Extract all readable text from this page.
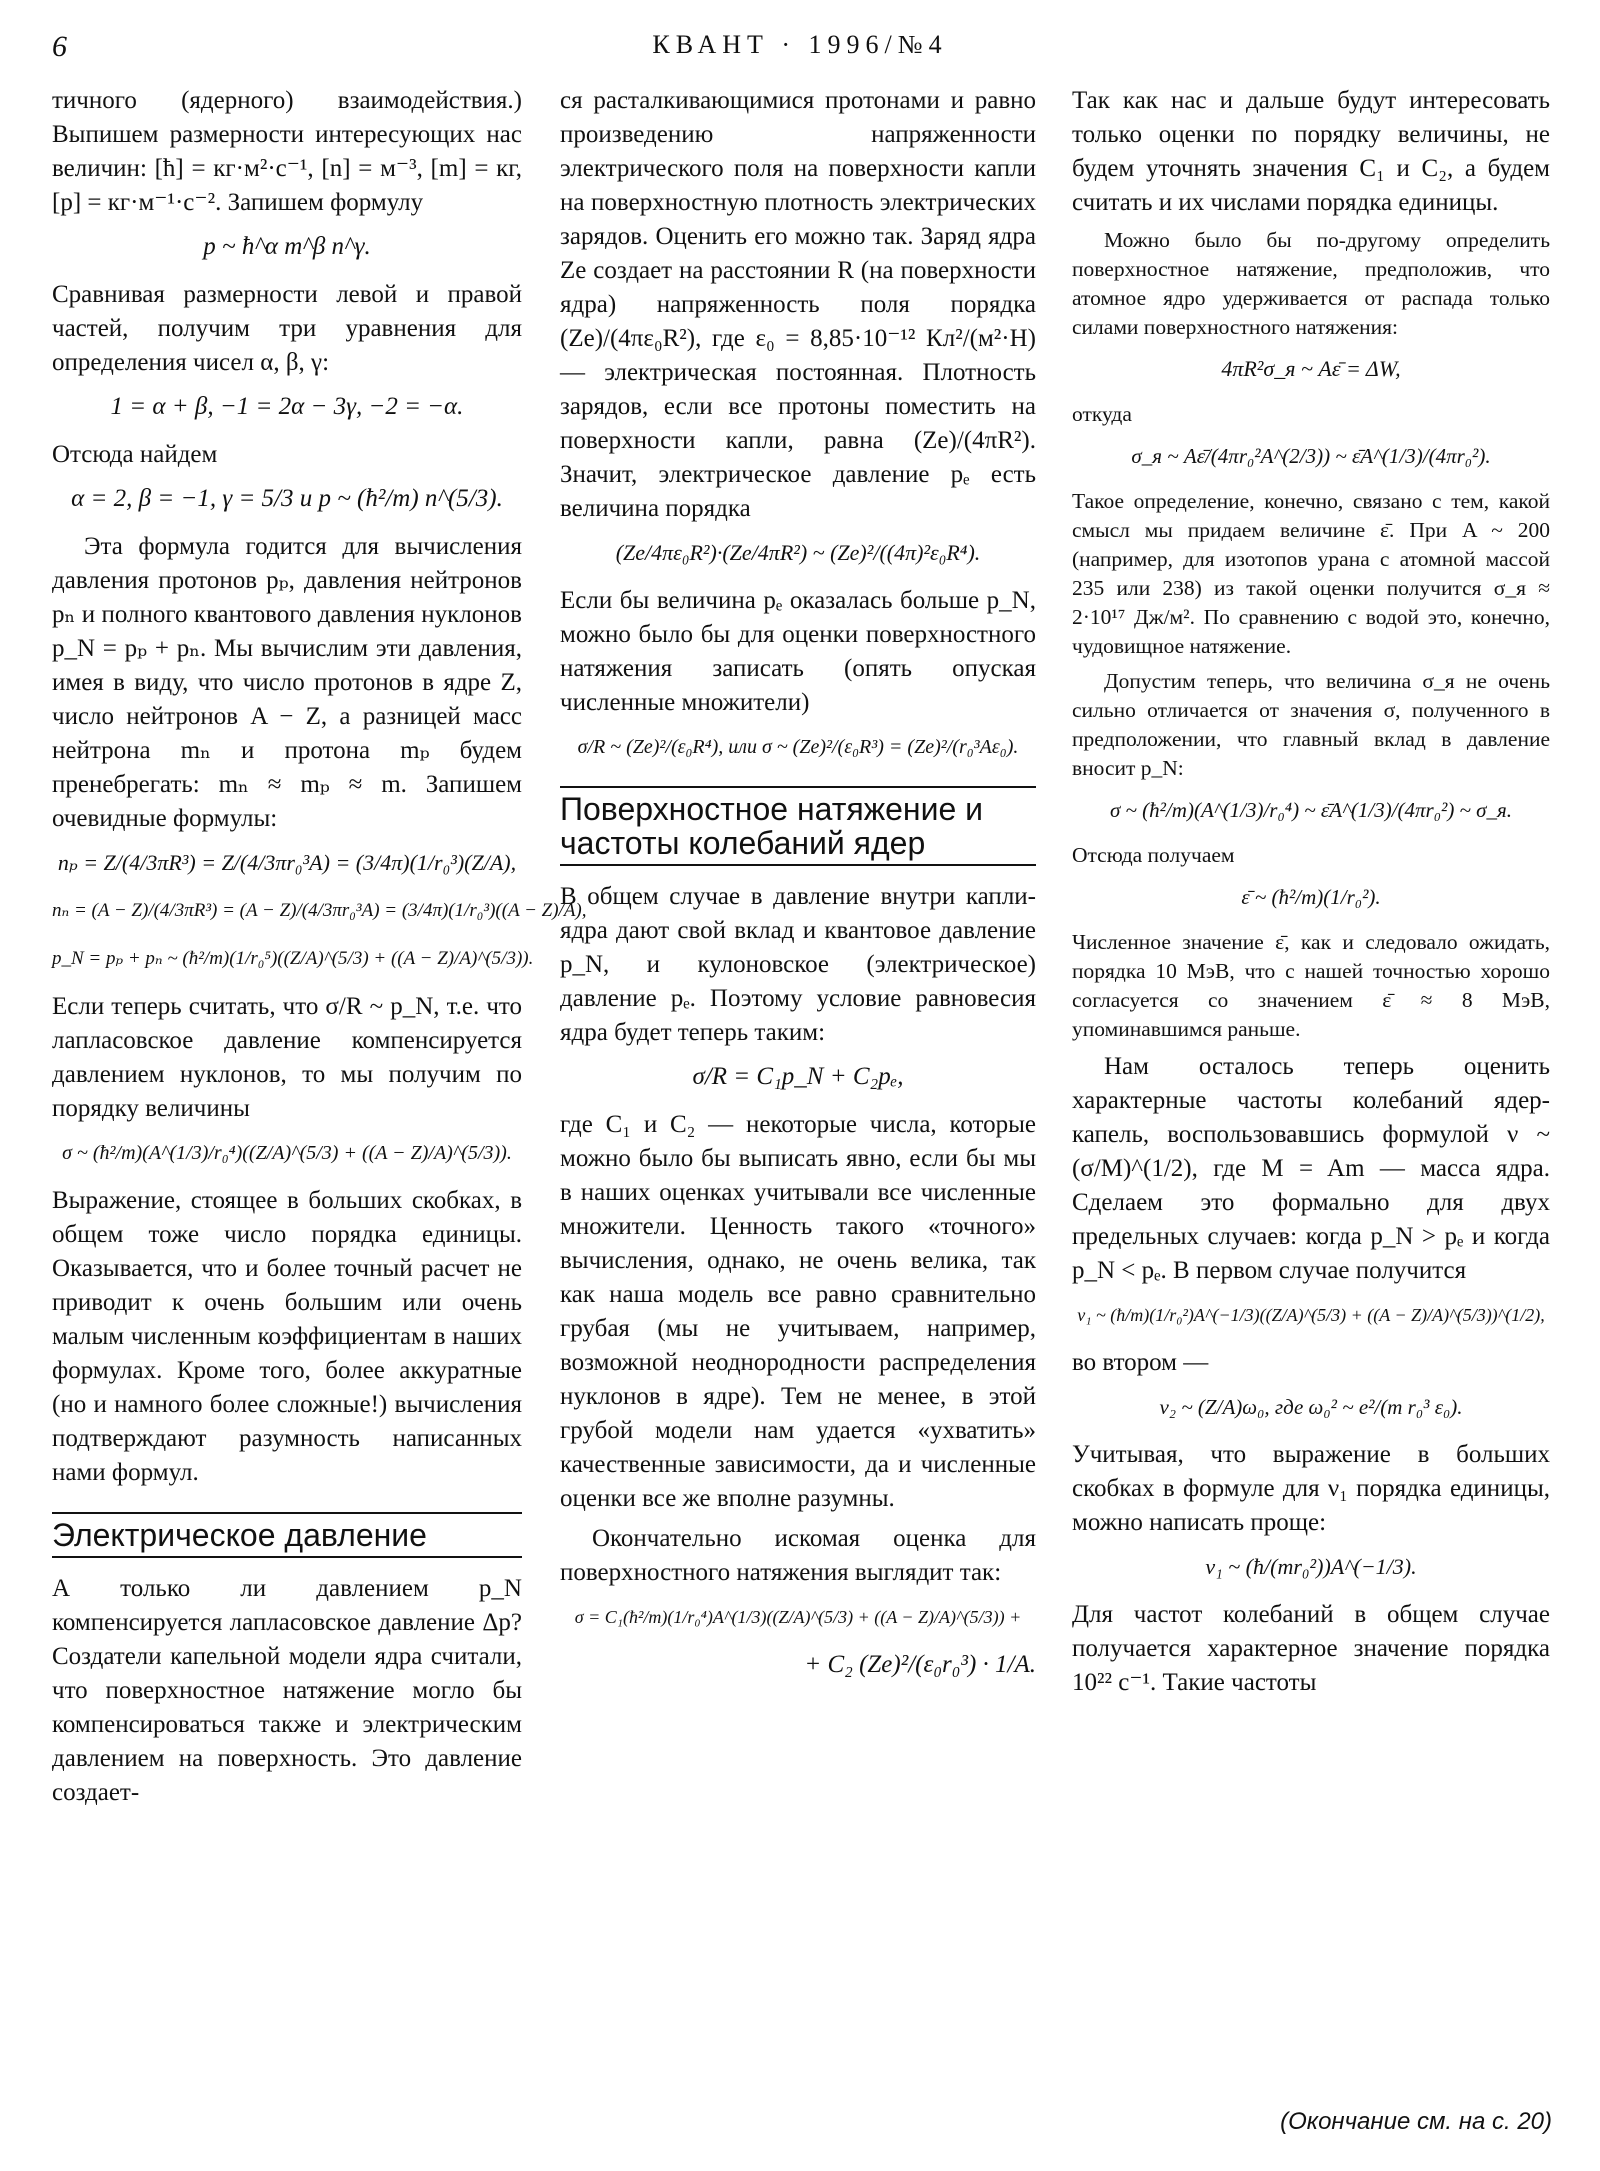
6	КВАНТ · 1996/№4

тичного (ядерного) взаимодействия.) Выпишем размерности интересующих нас величин: [ħ] = кг·м²·с⁻¹, [n] = м⁻³, [m] = кг, [p] = кг·м⁻¹·с⁻². Запишем формулу

p ~ ħ^α m^β n^γ.

Сравнивая размерности левой и правой частей, получим три уравнения для определения чисел α, β, γ:

1 = α + β, −1 = 2α − 3γ, −2 = −α.

Отсюда найдем

α = 2, β = −1, γ = 5/3 и p ~ (ħ²/m) n^(5/3).

Эта формула годится для вычисления давления протонов pₚ, давления нейтронов pₙ и полного квантового давления нуклонов p_N = pₚ + pₙ. Мы вычислим эти давления, имея в виду, что число протонов в ядре Z, число нейтронов A − Z, а разницей масс нейтрона mₙ и протона mₚ будем пренебрегать: mₙ ≈ mₚ ≈ m. Запишем очевидные формулы:

nₚ = Z/(4/3πR³) = Z/(4/3πr₀³A) = (3/4π)(1/r₀³)(Z/A),
nₙ = (A − Z)/(4/3πR³) = (A − Z)/(4/3πr₀³A) = (3/4π)(1/r₀³)((A − Z)/A),
p_N = pₚ + pₙ ~ (ħ²/m)(1/r₀⁵)((Z/A)^(5/3) + ((A − Z)/A)^(5/3)).

Если теперь считать, что σ/R ~ p_N, т.е. что лапласовское давление компенсируется давлением нуклонов, то мы получим по порядку величины

σ ~ (ħ²/m)(A^(1/3)/r₀⁴)((Z/A)^(5/3) + ((A − Z)/A)^(5/3)).

Выражение, стоящее в больших скобках, в общем тоже число порядка единицы. Оказывается, что и более точный расчет не приводит к очень большим или очень малым численным коэффициентам в наших формулах. Кроме того, более аккуратные (но и намного более сложные!) вычисления подтверждают разумность написанных нами формул.

Электрическое давление

А только ли давлением p_N компенсируется лапласовское давление Δp? Создатели капельной модели ядра считали, что поверхностное натяжение могло бы компенсироваться также и электрическим давлением на поверхность. Это давление создает-

ся расталкивающимися протонами и равно произведению напряженности электрического поля на поверхности капли на поверхностную плотность электрических зарядов. Оценить его можно так. Заряд ядра Ze создает на расстоянии R (на поверхности ядра) напряженность поля порядка (Ze)/(4πε₀R²), где ε₀ = 8,85·10⁻¹² Кл²/(м²·Н) — электрическая постоянная. Плотность зарядов, если все протоны поместить на поверхности капли, равна (Ze)/(4πR²). Значит, электрическое давление pₑ есть величина порядка

(Ze/4πε₀R²)·(Ze/4πR²) ~ (Ze)²/((4π)²ε₀R⁴).

Если бы величина pₑ оказалась больше p_N, можно было бы для оценки поверхностного натяжения записать (опять опуская численные множители)

σ/R ~ (Ze)²/(ε₀R⁴), или σ ~ (Ze)²/(ε₀R³) = (Ze)²/(r₀³Aε₀).
Поверхностное натяжение и частоты колебаний ядер

В общем случае в давление внутри капли-ядра дают свой вклад и квантовое давление p_N, и кулоновское (электрическое) давление pₑ. Поэтому условие равновесия ядра будет теперь таким:

σ/R = C₁p_N + C₂pₑ,

где C₁ и C₂ — некоторые числа, которые можно было бы выписать явно, если бы мы в наших оценках учитывали все численные множители. Ценность такого «точного» вычисления, однако, не очень велика, так как наша модель все равно сравнительно грубая (мы не учитываем, например, возможной неоднородности распределения нуклонов в ядре). Тем не менее, в этой грубой модели нам удается «ухватить» качественные зависимости, да и численные оценки все же вполне разумны.

Окончательно искомая оценка для поверхностного натяжения выглядит так:

σ = C₁(ħ²/m)(1/r₀⁴)A^(1/3)((Z/A)^(5/3) + ((A − Z)/A)^(5/3)) +
+ C₂ (Ze)²/(ε₀r₀³) · 1/A.

Так как нас и дальше будут интересовать только оценки по порядку величины, не будем уточнять значения C₁ и C₂, а будем считать и их числами порядка единицы.

Можно было бы по-другому определить поверхностное натяжение, предположив, что атомное ядро удерживается от распада только силами поверхностного натяжения:

4πR²σ_я ~ Aε̄ = ΔW,

откуда

σ_я ~ Aε̄/(4πr₀²A^(2/3)) ~ ε̄A^(1/3)/(4πr₀²).

Такое определение, конечно, связано с тем, какой смысл мы придаем величине ε̄. При A ~ 200 (например, для изотопов урана с атомной массой 235 или 238) из такой оценки получится σ_я ≈ 2·10¹⁷ Дж/м². По сравнению с водой это, конечно, чудовищное натяжение.

Допустим теперь, что величина σ_я не очень сильно отличается от значения σ, полученного в предположении, что главный вклад в давление вносит p_N:

σ ~ (ħ²/m)(A^(1/3)/r₀⁴) ~ ε̄A^(1/3)/(4πr₀²) ~ σ_я.

Отсюда получаем

ε̄ ~ (ħ²/m)(1/r₀²).

Численное значение ε̄, как и следовало ожидать, порядка 10 МэВ, что с нашей точностью хорошо согласуется со значением ε̄ ≈ 8 МэВ, упоминавшимся раньше.

Нам осталось теперь оценить характерные частоты колебаний ядер-капель, воспользовавшись формулой ν ~ (σ/M)^(1/2), где M = Am — масса ядра. Сделаем это формально для двух предельных случаев: когда p_N > pₑ и когда p_N < pₑ. В первом случае получится

ν₁ ~ (ħ/m)(1/r₀²)A^(−1/3)((Z/A)^(5/3) + ((A − Z)/A)^(5/3))^(1/2),

во втором —

ν₂ ~ (Z/A)ω₀, где ω₀² ~ e²/(m r₀³ ε₀).

Учитывая, что выражение в больших скобках в формуле для ν₁ порядка единицы, можно написать проще:

ν₁ ~ (ħ/(mr₀²))A^(−1/3).

Для частот колебаний в общем случае получается характерное значение порядка 10²² с⁻¹. Такие частоты

(Окончание см. на с. 20)
